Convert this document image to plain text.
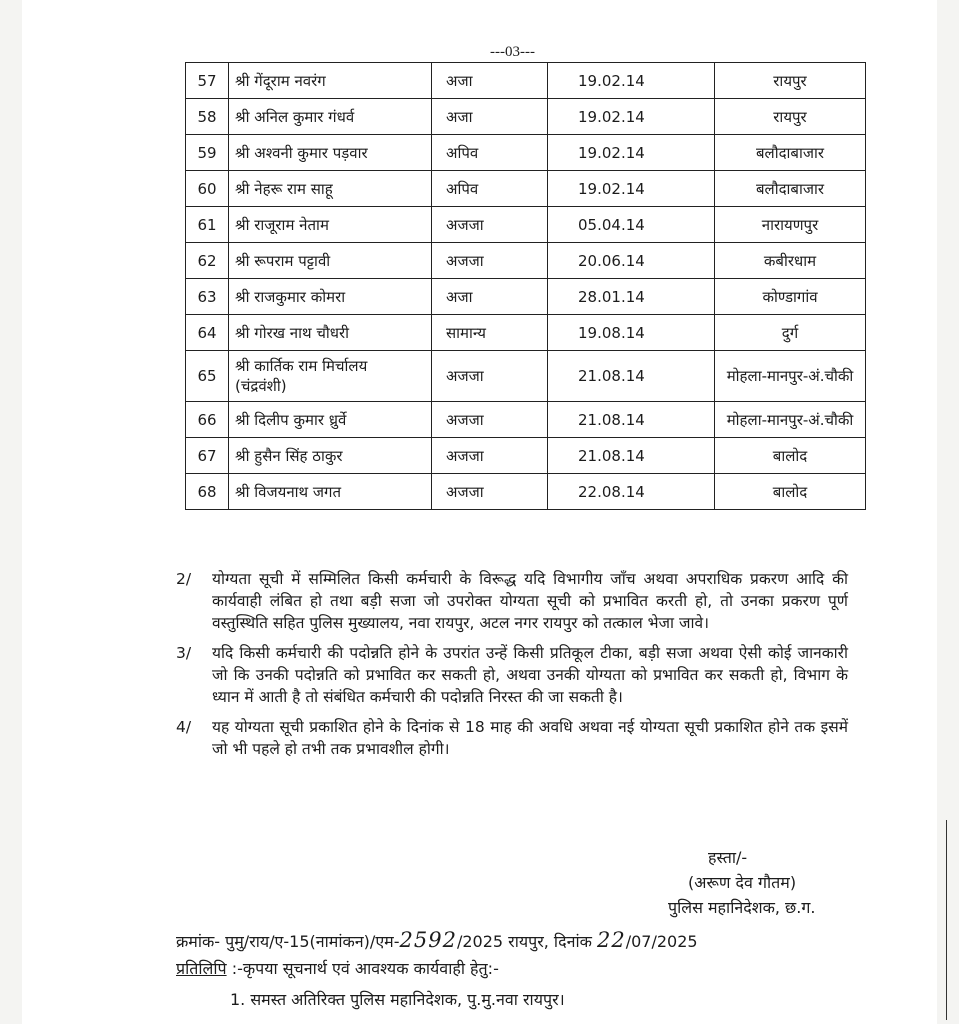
---03---
57	श्री गेंदूराम नवरंग	अजा	19.02.14	रायपुर
58	श्री अनिल कुमार गंधर्व	अजा	19.02.14	रायपुर
59	श्री अश्वनी कुमार पड़वार	अपिव	19.02.14	बलौदाबाजार
60	श्री नेहरू राम साहू	अपिव	19.02.14	बलौदाबाजार
61	श्री राजूराम नेताम	अजजा	05.04.14	नारायणपुर
62	श्री रूपराम पट्टावी	अजजा	20.06.14	कबीरधाम
63	श्री राजकुमार कोमरा	अजा	28.01.14	कोण्डागांव
64	श्री गोरख नाथ चौधरी	सामान्य	19.08.14	दुर्ग
65	श्री कार्तिक राम मिर्चालय
(चंद्रवंशी)	अजजा	21.08.14	मोहला-मानपुर-अं.चौकी
66	श्री दिलीप कुमार ध्रुर्वे	अजजा	21.08.14	मोहला-मानपुर-अं.चौकी
67	श्री हुसैन सिंह ठाकुर	अजजा	21.08.14	बालोद
68	श्री विजयनाथ जगत	अजजा	22.08.14	बालोद
2/	योग्यता सूची में सम्मिलित किसी कर्मचारी के विरूद्ध यदि विभागीय जाँच अथवा अपराधिक प्रकरण आदि की कार्यवाही लंबित हो तथा बड़ी सजा जो उपरोक्त योग्यता सूची को प्रभावित करती हो, तो उनका प्रकरण पूर्ण वस्तुस्थिति सहित पुलिस मुख्यालय, नवा रायपुर, अटल नगर रायपुर को तत्काल भेजा जावे।
3/	यदि किसी कर्मचारी की पदोन्नति होने के उपरांत उन्हें किसी प्रतिकूल टीका, बड़ी सजा अथवा ऐसी कोई जानकारी जो कि उनकी पदोन्नति को प्रभावित कर सकती हो, अथवा उनकी योग्यता को प्रभावित कर सकती हो, विभाग के ध्यान में आती है तो संबंधित कर्मचारी की पदोन्नति निरस्त की जा सकती है।
4/	यह योग्यता सूची प्रकाशित होने के दिनांक से 18 माह की अवधि अथवा नई योग्यता सूची प्रकाशित होने तक इसमें जो भी पहले हो तभी तक प्रभावशील होगी।
हस्ता/-
(अरूण देव गौतम)
पुलिस महानिदेशक, छ.ग.
क्रमांक- पुमु/राय/ए-15(नामांकन)/एम-2592/2025 रायपुर, दिनांक 22/07/2025
प्रतिलिपि :-कृपया सूचनार्थ एवं आवश्यक कार्यवाही हेतु:-
1. समस्त अतिरिक्त पुलिस महानिदेशक, पु.मु.नवा रायपुर।
